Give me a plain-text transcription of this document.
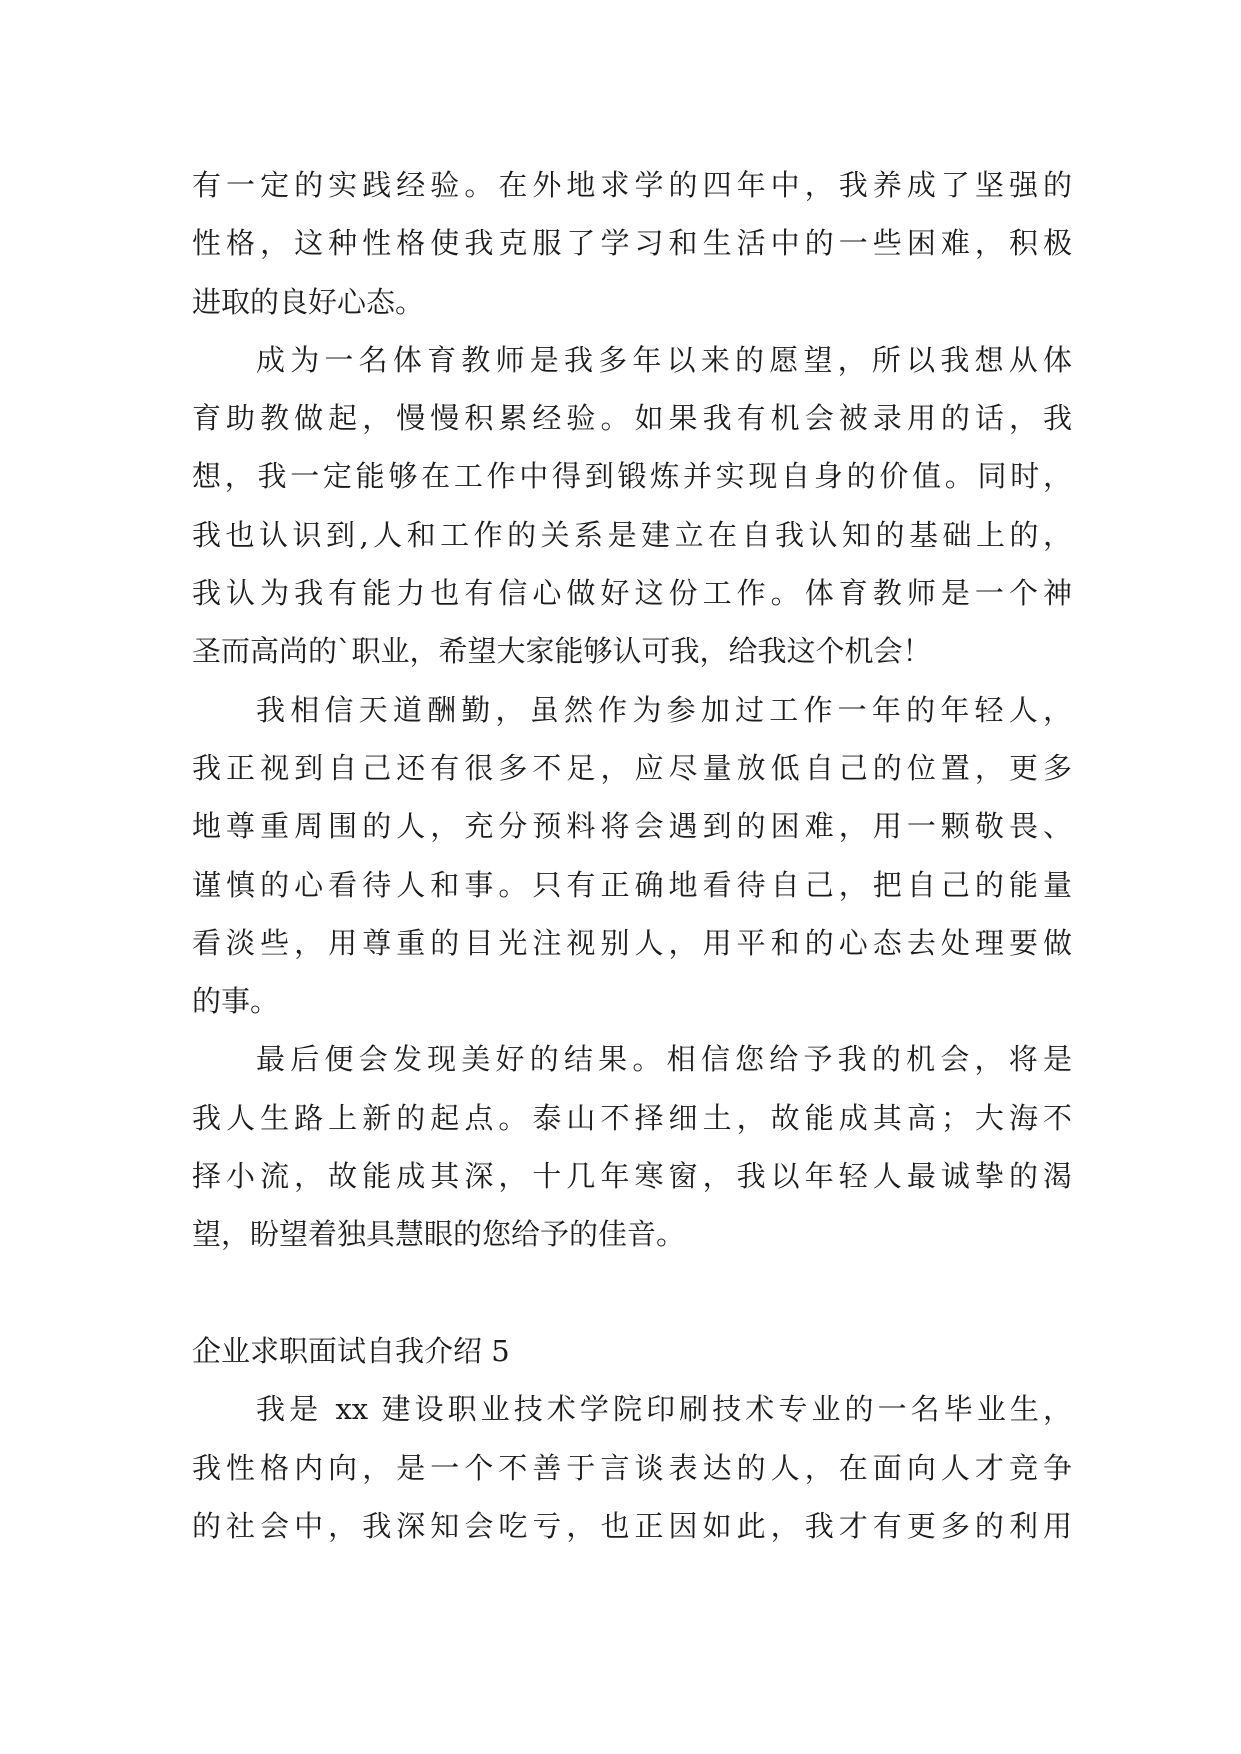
有一定的实践经验。在外地求学的四年中，我养成了坚强的
性格，这种性格使我克服了学习和生活中的一些困难，积极
进取的良好心态。
成为一名体育教师是我多年以来的愿望，所以我想从体
育助教做起，慢慢积累经验。如果我有机会被录用的话，我
想，我一定能够在工作中得到锻炼并实现自身的价值。同时，
我也认识到,人和工作的关系是建立在自我认知的基础上的，
我认为我有能力也有信心做好这份工作。体育教师是一个神
圣而高尚的`职业，希望大家能够认可我，给我这个机会！
我相信天道酬勤，虽然作为参加过工作一年的年轻人，
我正视到自己还有很多不足，应尽量放低自己的位置，更多
地尊重周围的人，充分预料将会遇到的困难，用一颗敬畏、
谨慎的心看待人和事。只有正确地看待自己，把自己的能量
看淡些，用尊重的目光注视别人，用平和的心态去处理要做
的事。
最后便会发现美好的结果。相信您给予我的机会，将是
我人生路上新的起点。泰山不择细土，故能成其高；大海不
择小流，故能成其深，十几年寒窗，我以年轻人最诚挚的渴
望，盼望着独具慧眼的您给予的佳音。
企业求职面试自我介绍 5
我是 xx 建设职业技术学院印刷技术专业的一名毕业生，
我性格内向，是一个不善于言谈表达的人，在面向人才竞争
的社会中，我深知会吃亏，也正因如此，我才有更多的利用
